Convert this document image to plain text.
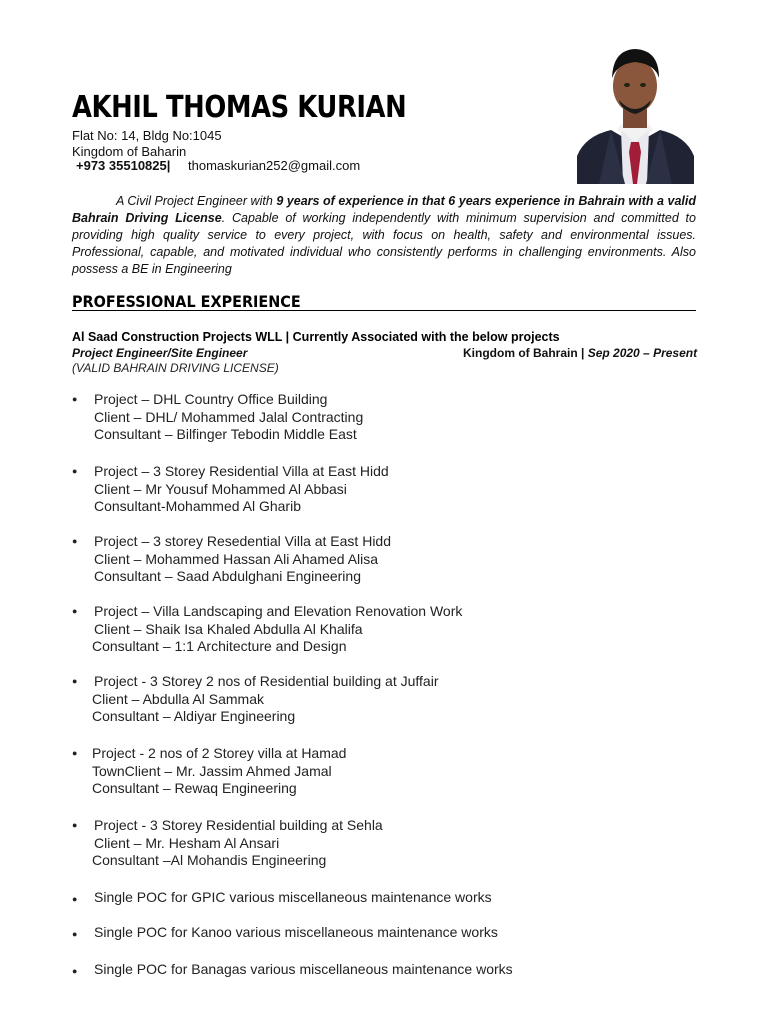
AKHIL THOMAS KURIAN
Flat No: 14, Bldg No:1045
Kingdom of Baharin
+973 35510825| thomaskurian252@gmail.com
A Civil Project Engineer with 9 years of experience in that 6 years experience in Bahrain with a valid Bahrain Driving License. Capable of working independently with minimum supervision and committed to providing high quality service to every project, with focus on health, safety and environmental issues. Professional, capable, and motivated individual who consistently performs in challenging environments. Also possess a BE in Engineering
PROFESSIONAL EXPERIENCE
Al Saad Construction Projects WLL | Currently Associated with the below projects
Project Engineer/Site Engineer	Kingdom of Bahrain | Sep 2020 – Present
(VALID BAHRAIN DRIVING LICENSE)
● Project – DHL Country Office Building
Client – DHL/ Mohammed Jalal Contracting
Consultant – Bilfinger Tebodin Middle East
● Project – 3 Storey Residential Villa at East Hidd
Client – Mr Yousuf Mohammed Al Abbasi
Consultant-Mohammed Al Gharib
● Project – 3 storey Resedential Villa at East Hidd
Client – Mohammed Hassan Ali Ahamed Alisa
Consultant – Saad Abdulghani Engineering
● Project – Villa Landscaping and Elevation Renovation Work
Client – Shaik Isa Khaled Abdulla Al Khalifa
Consultant – 1:1 Architecture and Design
● Project - 3 Storey 2 nos of Residential building at Juffair
Client – Abdulla Al Sammak
Consultant – Aldiyar Engineering
● Project - 2 nos of 2 Storey villa at Hamad
TownClient – Mr. Jassim Ahmed Jamal
Consultant – Rewaq Engineering
● Project - 3 Storey Residential building at Sehla
Client – Mr. Hesham Al Ansari
Consultant –Al Mohandis Engineering
● Single POC for GPIC various miscellaneous maintenance works
● Single POC for Kanoo various miscellaneous maintenance works
● Single POC for Banagas various miscellaneous maintenance works
